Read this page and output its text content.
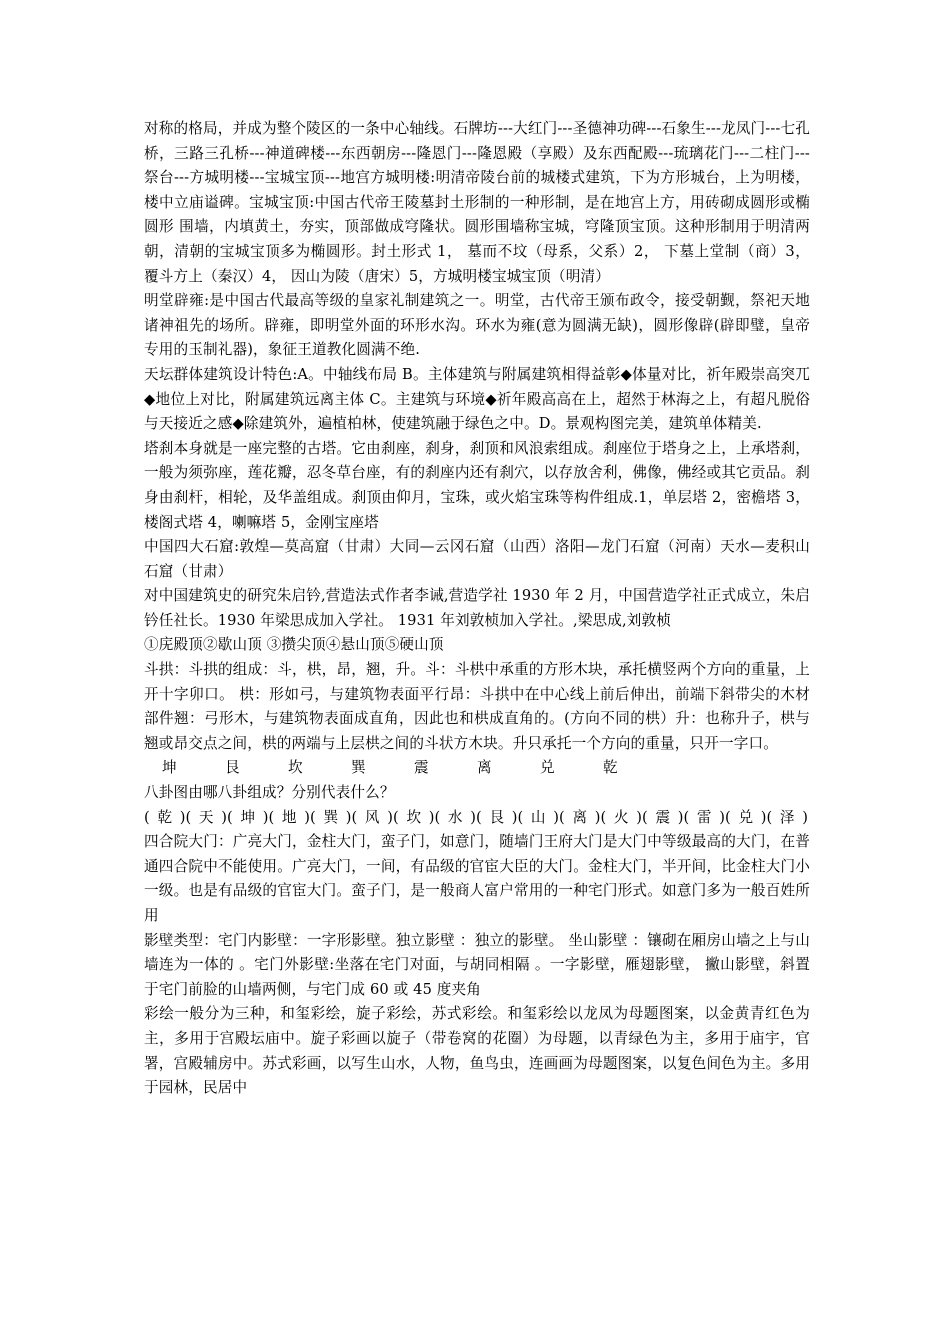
对称的格局，并成为整个陵区的一条中心轴线。石牌坊---大红门---圣德神功碑---石象生---龙凤门---七孔桥，三路三孔桥---神道碑楼---东西朝房---隆恩门---隆恩殿（享殿）及东西配殿---琉璃花门---二柱门---祭台---方城明楼---宝城宝顶---地宫方城明楼:明清帝陵台前的城楼式建筑，下为方形城台，上为明楼，楼中立庙谥碑。宝城宝顶:中国古代帝王陵墓封土形制的一种形制，是在地宫上方，用砖砌成圆形或椭圆形 围墙，内填黄土，夯实，顶部做成穹隆状。圆形围墙称宝城，穹隆顶宝顶。这种形制用于明清两朝，清朝的宝城宝顶多为椭圆形。封土形式 1， 墓而不坟（母系，父系）2， 下墓上堂制（商）3， 覆斗方上（秦汉）4， 因山为陵（唐宋）5，方城明楼宝城宝顶（明清）

明堂辟雍:是中国古代最高等级的皇家礼制建筑之一。明堂，古代帝王颁布政令，接受朝觐，祭祀天地诸神祖先的场所。辟雍，即明堂外面的环形水沟。环水为雍(意为圆满无缺)，圆形像辟(辟即璧，皇帝专用的玉制礼器)，象征王道教化圆满不绝.

天坛群体建筑设计特色:A。中轴线布局 B。主体建筑与附属建筑相得益彰◆体量对比，祈年殿崇高突兀◆地位上对比，附属建筑远离主体 C。主建筑与环境◆祈年殿高高在上，超然于林海之上，有超凡脱俗与天接近之感◆除建筑外，遍植柏林，使建筑融于绿色之中。D。景观构图完美，建筑单体精美.

塔刹本身就是一座完整的古塔。它由刹座，刹身，刹顶和风浪索组成。刹座位于塔身之上，上承塔刹，一般为须弥座，莲花瓣，忍冬草台座，有的刹座内还有刹穴，以存放舍利，佛像，佛经或其它贡品。刹身由刹杆，相轮，及华盖组成。刹顶由仰月，宝珠，或火焰宝珠等构件组成.1，单层塔 2，密檐塔 3，楼阁式塔 4，喇嘛塔 5，金刚宝座塔

中国四大石窟:敦煌—莫高窟（甘肃）大同—云冈石窟（山西）洛阳—龙门石窟（河南）天水—麦积山石窟（甘肃）

对中国建筑史的研究朱启钤,营造法式作者李诫,营造学社 1930 年 2 月，中国营造学社正式成立，朱启钤任社长。1930 年梁思成加入学社。 1931 年刘敦桢加入学社。,梁思成,刘敦桢

①庑殿顶②歇山顶 ③攒尖顶④悬山顶⑤硬山顶

斗拱：斗拱的组成：斗，栱，昂，翘，升。斗：斗栱中承重的方形木块，承托横竖两个方向的重量，上开十字卯口。 栱：形如弓，与建筑物表面平行昂：斗拱中在中心线上前后伸出，前端下斜带尖的木材部件翘：弓形木，与建筑物表面成直角，因此也和栱成直角的。(方向不同的栱）升：也称升子，栱与翘或昂交点之间，栱的两端与上层栱之间的斗状方木块。升只承托一个方向的重量，只开一字口。

坤	艮	坎	巽	震	离	兑	乾

八卦图由哪八卦组成？分别代表什么？

( 乾 )( 天 ) ( 坤 )( 地 ) ( 巽 )( 风 ) ( 坎 )( 水 ) ( 艮 )( 山 ) ( 离 )( 火 ) ( 震 )( 雷 ) ( 兑 )( 泽 )

四合院大门：广亮大门，金柱大门，蛮子门，如意门，随墙门王府大门是大门中等级最高的大门，在普通四合院中不能使用。广亮大门，一间，有品级的官宦大臣的大门。金柱大门，半开间，比金柱大门小一级。也是有品级的官宦大门。蛮子门，是一般商人富户常用的一种宅门形式。如意门多为一般百姓所用

影壁类型：宅门内影壁：一字形影壁。独立影壁 ：独立的影壁。 坐山影壁 ：镶砌在厢房山墙之上与山墙连为一体的 。宅门外影壁:坐落在宅门对面，与胡同相隔 。一字影壁，雁翅影壁， 撇山影壁，斜置于宅门前脸的山墙两侧，与宅门成 60 或 45 度夹角

彩绘一般分为三种，和玺彩绘，旋子彩绘，苏式彩绘。和玺彩绘以龙凤为母题图案，以金黄青红色为主，多用于宫殿坛庙中。旋子彩画以旋子（带卷窝的花圈）为母题，以青绿色为主，多用于庙宇，官署，宫殿辅房中。苏式彩画，以写生山水，人物，鱼鸟虫，连画画为母题图案，以复色间色为主。多用于园林，民居中
